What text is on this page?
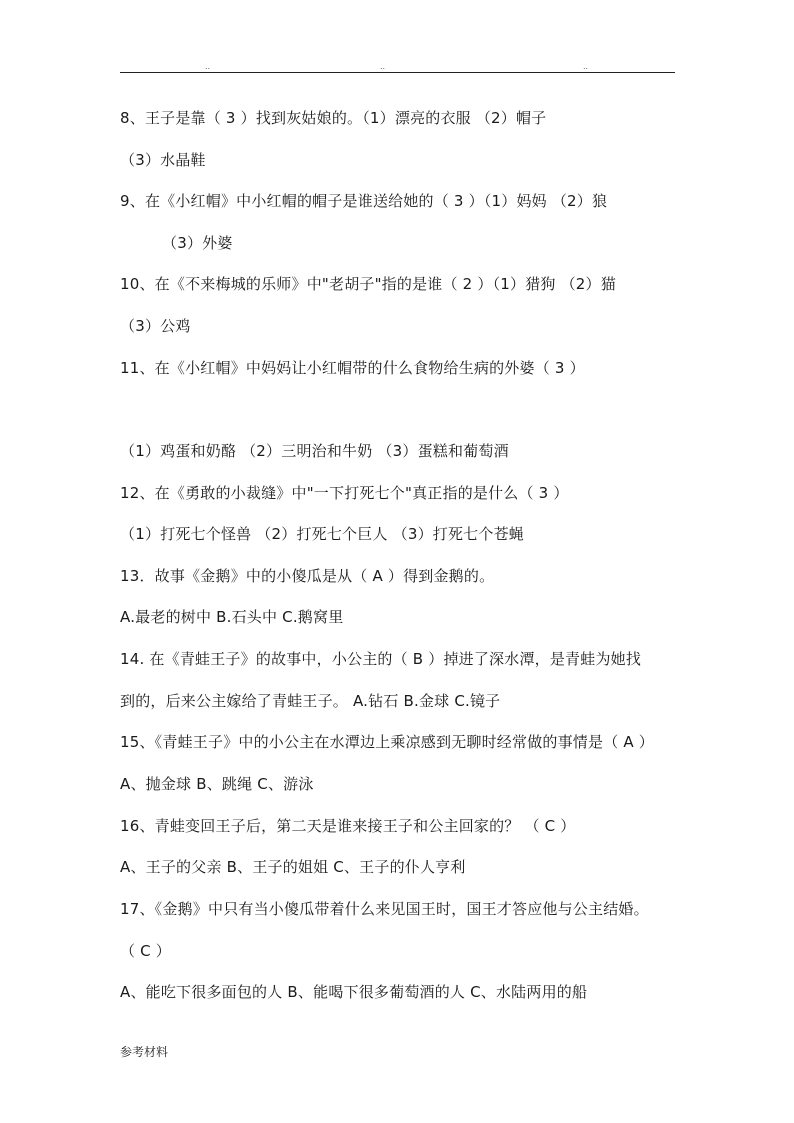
..	..	..
8、王子是靠（ 3 ）找到灰姑娘的。（1）漂亮的衣服 （2）帽子
（3）水晶鞋
9、在《小红帽》中小红帽的帽子是谁送给她的（ 3 ）（1）妈妈 （2）狼
（3）外婆
10、在《不来梅城的乐师》中"老胡子"指的是谁（ 2 ）（1）猎狗 （2）猫
（3）公鸡
11、在《小红帽》中妈妈让小红帽带的什么食物给生病的外婆（ 3 ）
（1）鸡蛋和奶酪 （2）三明治和牛奶 （3）蛋糕和葡萄酒
12、在《勇敢的小裁缝》中"一下打死七个"真正指的是什么（ 3 ）
（1）打死七个怪兽 （2）打死七个巨人 （3）打死七个苍蝇
13．故事《金鹅》中的小傻瓜是从（ A ）得到金鹅的。
A.最老的树中 B.石头中 C.鹅窝里
14. 在《青蛙王子》的故事中，小公主的（ B ）掉进了深水潭，是青蛙为她找
到的，后来公主嫁给了青蛙王子。 A.钻石 B.金球 C.镜子
15、《青蛙王子》中的小公主在水潭边上乘凉感到无聊时经常做的事情是（ A ）
A、抛金球 B、跳绳 C、游泳
16、青蛙变回王子后，第二天是谁来接王子和公主回家的？ （ C ）
A、王子的父亲 B、王子的姐姐 C、王子的仆人亨利
17、《金鹅》中只有当小傻瓜带着什么来见国王时，国王才答应他与公主结婚。
（ C ）
A、能吃下很多面包的人 B、能喝下很多葡萄酒的人 C、水陆两用的船
参考材料
